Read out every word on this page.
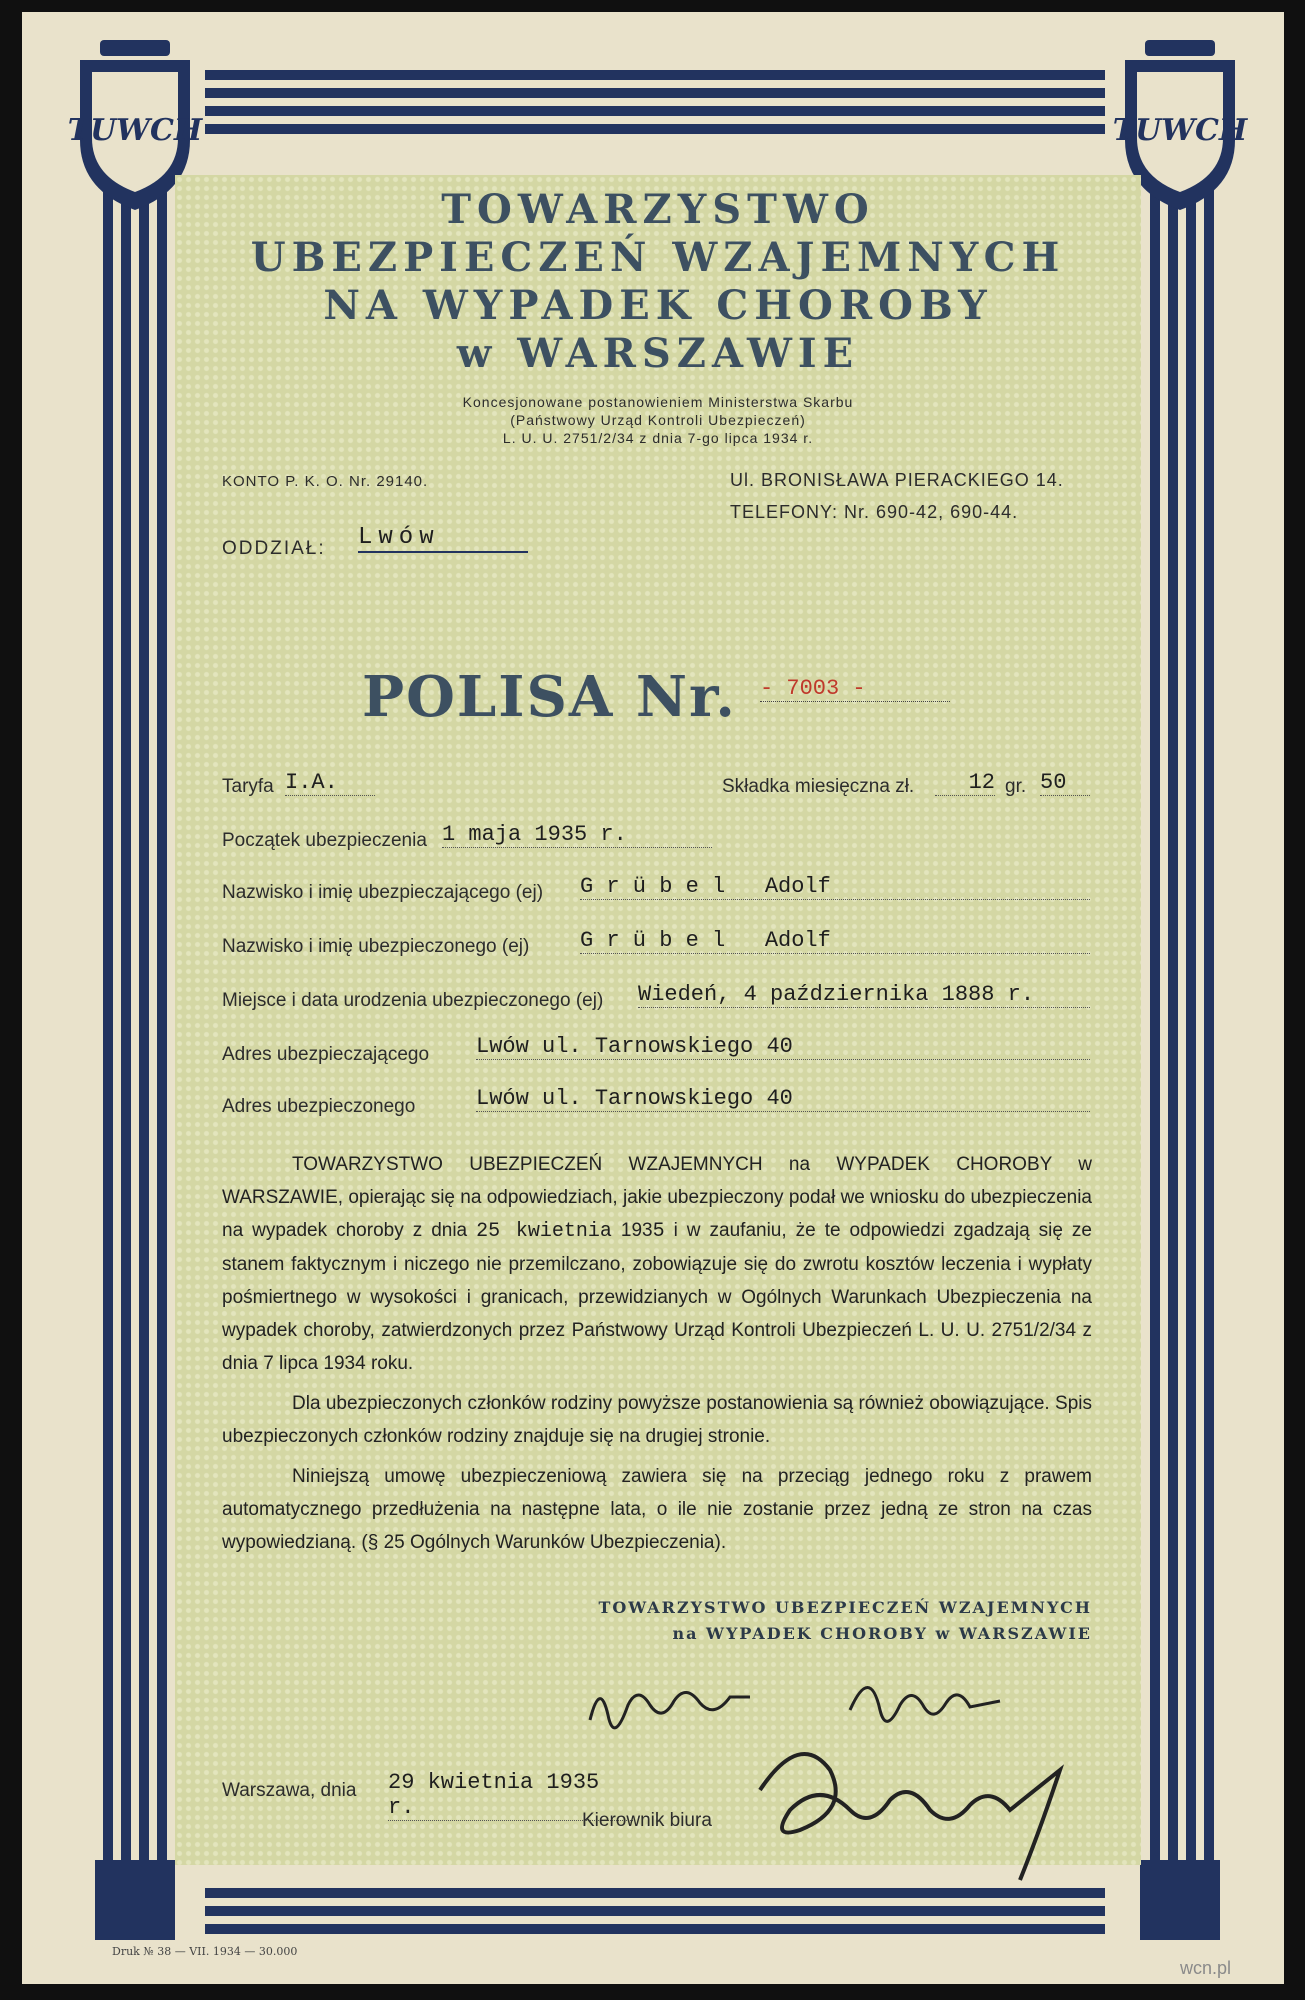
TUWCH	TUWCH
TOWARZYSTWO
UBEZPIECZEŃ WZAJEMNYCH
NA WYPADEK CHOROBY
w WARSZAWIE
Koncesjonowane postanowieniem Ministerstwa Skarbu
(Państwowy Urząd Kontroli Ubezpieczeń)
L. U. U. 2751/2/34 z dnia 7-go lipca 1934 r.
KONTO P. K. O. Nr. 29140.	Ul. BRONISŁAWA PIERACKIEGO 14.
TELEFONY: Nr. 690-42, 690-44.
ODDZIAŁ: Lwów
POLISA Nr. - 7003 -
Taryfa I.A.	Składka miesięczna zł.	12 gr. 50
Początek ubezpieczenia 1 maja 1935 r.
Nazwisko i imię ubezpieczającego (ej) G r ü b e l   Adolf
Nazwisko i imię ubezpieczonego (ej) G r ü b e l   Adolf
Miejsce i data urodzenia ubezpieczonego (ej) Wiedeń, 4 października 1888 r.
Adres ubezpieczającego Lwów ul. Tarnowskiego 40
Adres ubezpieczonego	Lwów ul. Tarnowskiego 40

TOWARZYSTWO UBEZPIECZEŃ WZAJEMNYCH na WYPADEK CHOROBY w WARSZAWIE, opierając się na odpowiedziach, jakie ubezpieczony podał we wniosku do ubezpieczenia na wypadek choroby z dnia 25 kwietnia 1935 i w zaufaniu, że te odpowiedzi zgadzają się ze stanem faktycznym i niczego nie przemilczano, zobowiązuje się do zwrotu kosztów leczenia i wypłaty pośmiertnego w wysokości i granicach, przewidzianych w Ogólnych Warunkach Ubezpieczenia na wypadek choroby, zatwierdzonych przez Państwowy Urząd Kontroli Ubezpieczeń L. U. U. 2751/2/34 z dnia 7 lipca 1934 roku.

Dla ubezpieczonych członków rodziny powyższe postanowienia są również obowiązujące. Spis ubezpieczonych członków rodziny znajduje się na drugiej stronie.

Niniejszą umowę ubezpieczeniową zawiera się na przeciąg jednego roku z prawem automatycznego przedłużenia na następne lata, o ile nie zostanie przez jedną ze stron na czas wypowiedzianą. (§ 25 Ogólnych Warunków Ubezpieczenia).

TOWARZYSTWO UBEZPIECZEŃ WZAJEMNYCH
na WYPADEK CHOROBY w WARSZAWIE
Warszawa, dnia 29 kwietnia 1935 r.
Kierownik biura
Druk № 38 — VII. 1934 — 30.000
wcn.pl
